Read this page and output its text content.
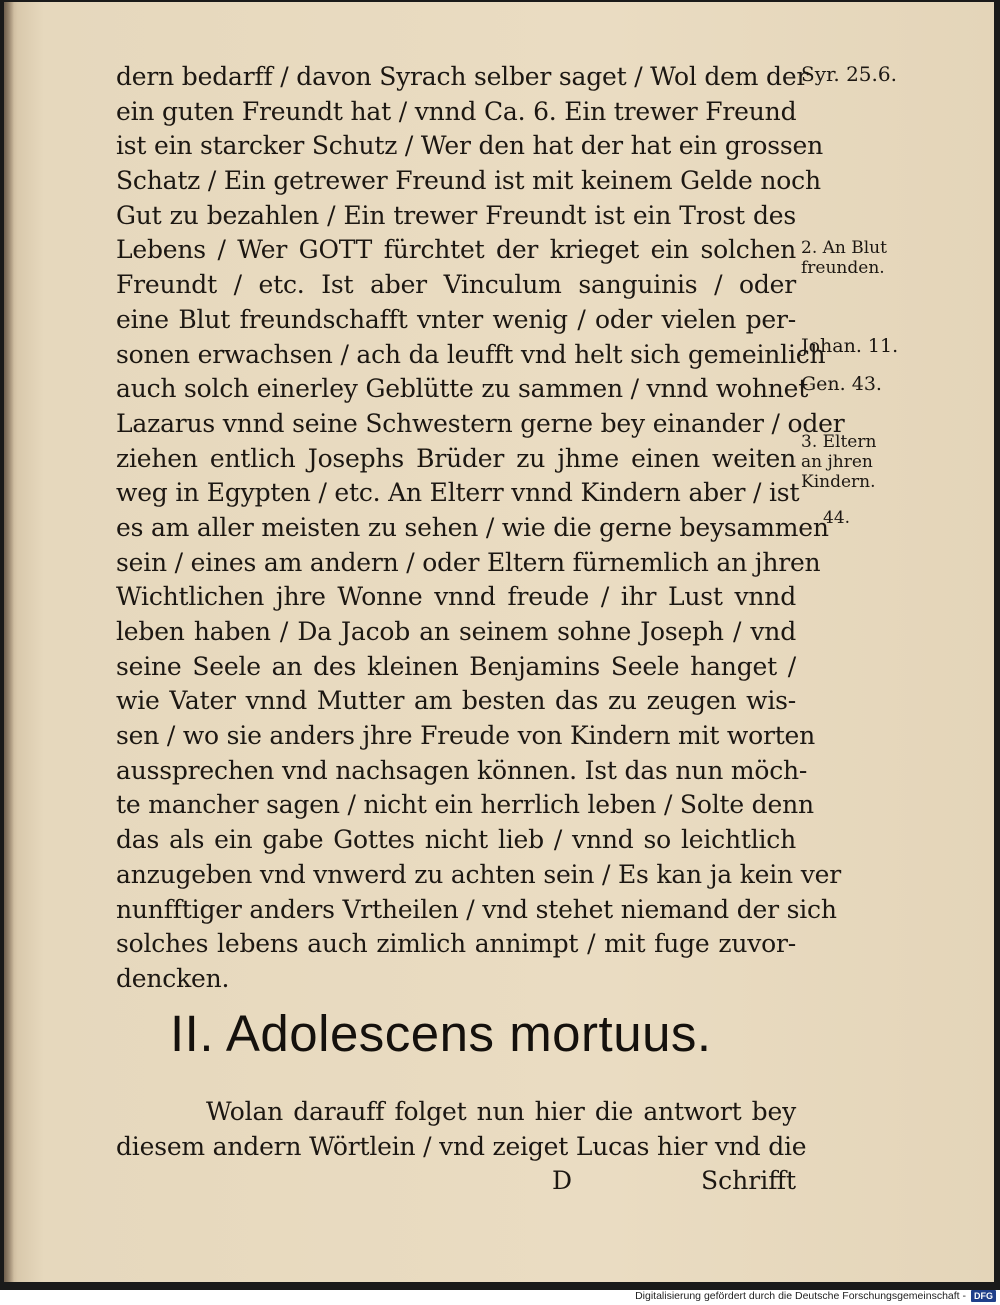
dern bedarff / davon Syrach selber saget / Wol dem der
ein guten Freundt hat / vnnd Ca. 6. Ein trewer Freund
ist ein starcker Schutz / Wer den hat der hat ein grossen
Schatz / Ein getrewer Freund ist mit keinem Gelde noch
Gut zu bezahlen / Ein trewer Freundt ist ein Trost des
Lebens / Wer GOTT fürchtet der krieget ein solchen
Freundt / etc. Ist aber Vinculum sanguinis / oder
eine Blut freundschafft vnter wenig / oder vielen per-
sonen erwachsen / ach da leufft vnd helt sich gemeinlich
auch solch einerley Geblütte zu sammen / vnnd wohnet
Lazarus vnnd seine Schwestern gerne bey einander / oder
ziehen entlich Josephs Brüder zu jhme einen weiten
weg in Egypten / etc. An Elterr vnnd Kindern aber / ist
es am aller meisten zu sehen / wie die gerne beysammen
sein / eines am andern / oder Eltern fürnemlich an jhren
Wichtlichen jhre Wonne vnnd freude / ihr Lust vnnd
leben haben / Da Jacob an seinem sohne Joseph / vnd
seine Seele an des kleinen Benjamins Seele hanget /
wie Vater vnnd Mutter am besten das zu zeugen wis-
sen / wo sie anders jhre Freude von Kindern mit worten
aussprechen vnd nachsagen können. Ist das nun möch-
te mancher sagen / nicht ein herrlich leben / Solte denn
das als ein gabe Gottes nicht lieb / vnnd so leichtlich
anzugeben vnd vnwerd zu achten sein / Es kan ja kein ver
nunfftiger anders Vrtheilen / vnd stehet niemand der sich
solches lebens auch zimlich annimpt / mit fuge zuvor-
dencken.
Syr. 25.6.
2. An Blut
freunden.
Johan. 11.
Gen. 43.
3. Eltern
an jhren
Kindern.
44.
II. Adolescens mortuus.
Wolan darauff folget nun hier die antwort bey
diesem andern Wörtlein / vnd zeiget Lucas hier vnd die
D	Schrifft
Digitalisierung gefördert durch die Deutsche Forschungsgemeinschaft - DFG
